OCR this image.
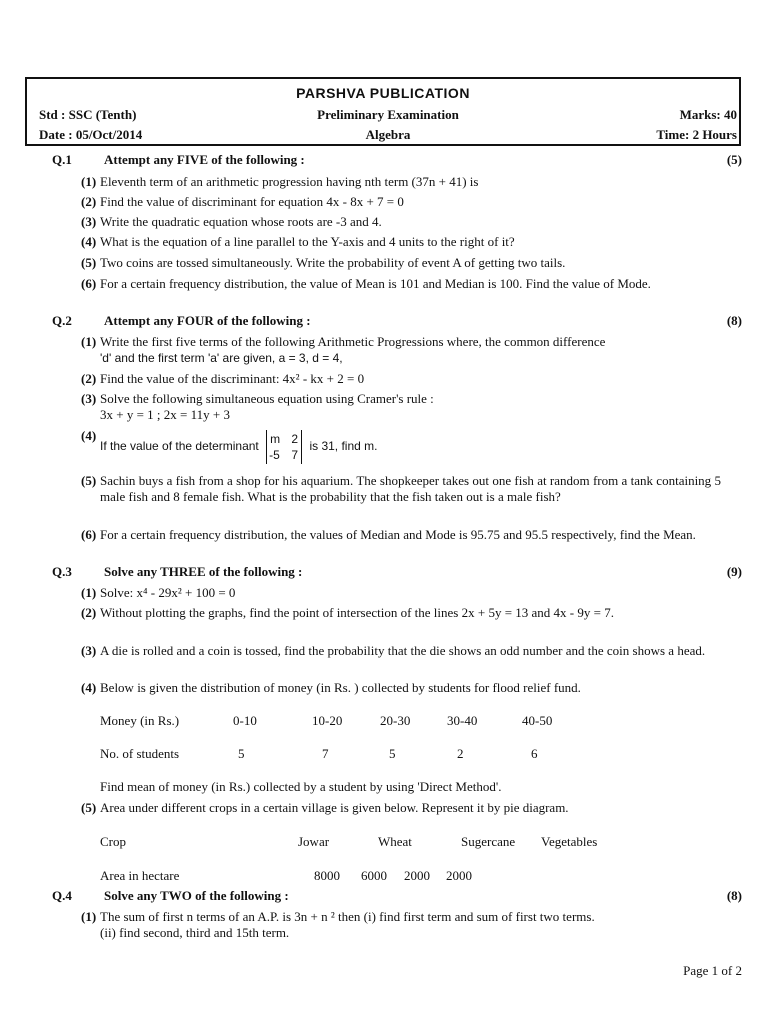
PARSHVA PUBLICATION
Std : SSC (Tenth)	Preliminary Examination	Marks: 40
Date : 05/Oct/2014	Algebra	Time: 2 Hours
Q.1 Attempt any FIVE of the following :	(5)
(1) Eleventh term of an arithmetic progression having nth term (37n + 41) is
(2) Find the value of discriminant for equation 4x - 8x + 7 = 0
(3) Write the quadratic equation whose roots are -3 and 4.
(4) What is the equation of a line parallel to the Y-axis and 4 units to the right of it?
(5) Two coins are tossed simultaneously. Write the probability of event A of getting two tails.
(6) For a certain frequency distribution, the value of Mean is 101 and Median is 100. Find the value of Mode.
Q.2 Attempt any FOUR of the following :	(8)
(1) Write the first five terms of the following Arithmetic Progressions where, the common difference
'd' and the first term 'a' are given, a = 3, d = 4,
(2) Find the value of the discriminant: 4x² - kx + 2 = 0
(3) Solve the following simultaneous equation using Cramer's rule :
3x + y = 1 ; 2x = 11y + 3
(4)
If the value of the determinant
m 2
-5 7
is 31, find m.
(5) Sachin buys a fish from a shop for his aquarium. The shopkeeper takes out one fish at random from a tank containing 5 male fish and 8 female fish. What is the probability that the fish taken out is a male fish?
(6) For a certain frequency distribution, the values of Median and Mode is 95.75 and 95.5 respectively, find the Mean.
Q.3 Solve any THREE of the following :	(9)
(1) Solve: x⁴ - 29x² + 100 = 0
(2) Without plotting the graphs, find the point of intersection of the lines 2x + 5y = 13 and 4x - 9y = 7.
(3) A die is rolled and a coin is tossed, find the probability that the die shows an odd number and the coin shows a head.
(4) Below is given the distribution of money (in Rs. ) collected by students for flood relief fund.
Money (in Rs.)	0-10	10-20	20-30	30-40	40-50
No. of students	5	7	5	2	6
Find mean of money (in Rs.) collected by a student by using 'Direct Method'.
(5) Area under different crops in a certain village is given below. Represent it by pie diagram.
Crop	Jowar	Wheat	Sugercane Vegetables
Area in hectare	8000 6000 2000 2000
Q.4 Solve any TWO of the following :	(8)
(1) The sum of first n terms of an A.P. is 3n + n ² then (i) find first term and sum of first two terms.
(ii) find second, third and 15th term.
Page 1 of 2
